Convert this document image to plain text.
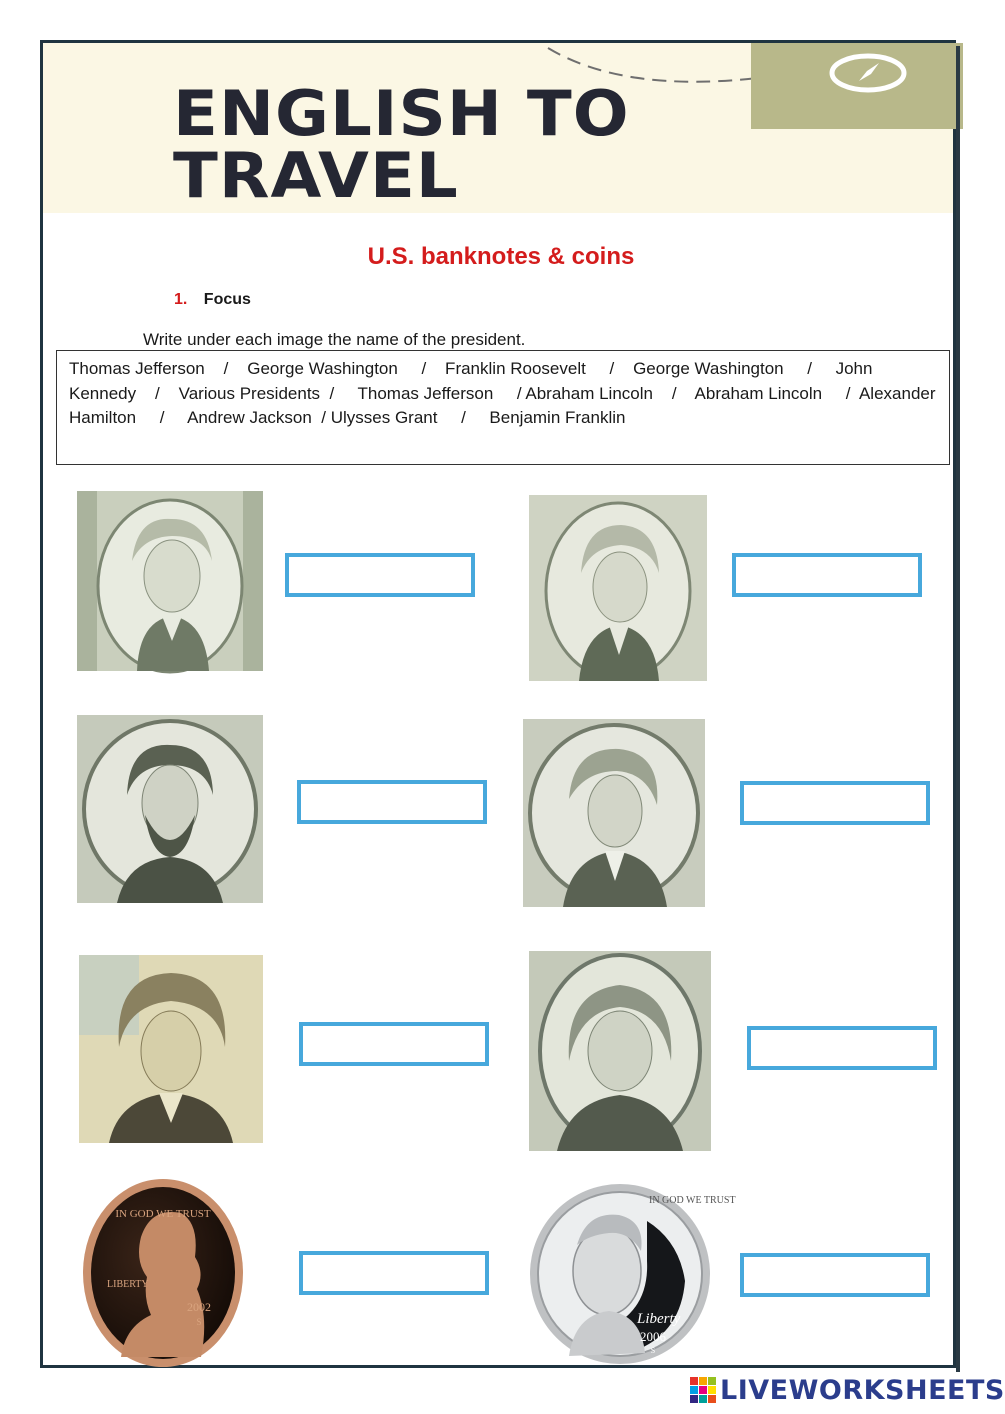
ENGLISH TO
TRAVEL
U.S. banknotes & coins
1. Focus
Write under each image the name of the president.
Thomas Jefferson    /    George Washington     /    Franklin Roosevelt     /    George Washington     /     John Kennedy    /    Various Presidents  /     Thomas Jefferson     / Abraham Lincoln    /    Abraham Lincoln     /  Alexander Hamilton     /     Andrew Jackson  / Ulysses Grant     /     Benjamin Franklin
IN GOD WE TRUST
LIBERTY
2002
S
IN GOD WE TRUST
Liberty
2006
S
LIVEWORKSHEETS
